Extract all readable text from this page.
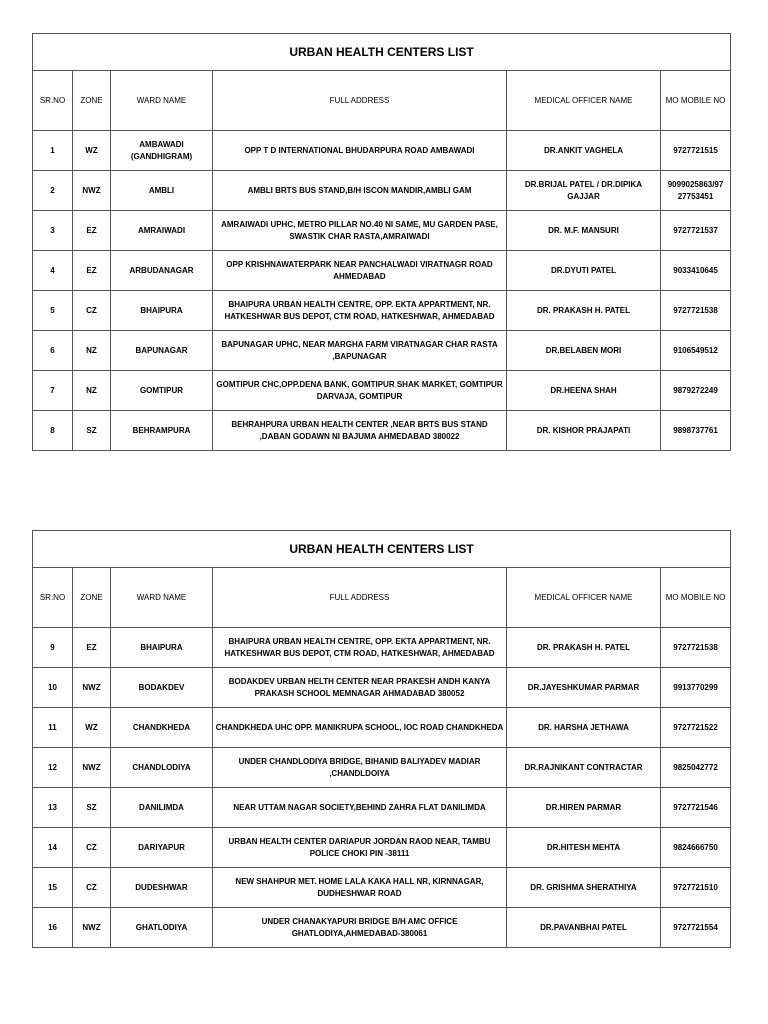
URBAN HEALTH CENTERS LIST					
SR.NO	ZONE	WARD NAME	FULL ADDRESS	MEDICAL OFFICER NAME	MO MOBILE NO
1	WZ	AMBAWADI (GANDHIGRAM)	OPP T D INTERNATIONAL BHUDARPURA ROAD AMBAWADI	DR.ANKIT VAGHELA	9727721515
2	NWZ	AMBLI	AMBLI BRTS BUS STAND,B/H ISCON MANDIR,AMBLI GAM	DR.BRIJAL PATEL / DR.DIPIKA GAJJAR	9099025863/97 27753451
3	EZ	AMRAIWADI	AMRAIWADI UPHC, METRO PILLAR NO.40 NI SAME, MU GARDEN PASE, SWASTIK CHAR RASTA,AMRAIWADI	DR. M.F. MANSURI	9727721537
4	EZ	ARBUDANAGAR	OPP KRISHNAWATERPARK NEAR PANCHALWADI VIRATNAGR ROAD AHMEDABAD	DR.DYUTI PATEL	9033410645
5	CZ	BHAIPURA	BHAIPURA URBAN HEALTH CENTRE, OPP. EKTA APPARTMENT, NR. HATKESHWAR BUS DEPOT, CTM ROAD, HATKESHWAR, AHMEDABAD	DR. PRAKASH H. PATEL	9727721538
6	NZ	BAPUNAGAR	BAPUNAGAR UPHC, NEAR MARGHA FARM VIRATNAGAR CHAR RASTA ,BAPUNAGAR	DR.BELABEN MORI	9106549512
7	NZ	GOMTIPUR	GOMTIPUR CHC,OPP.DENA BANK, GOMTIPUR SHAK MARKET, GOMTIPUR DARVAJA, GOMTIPUR	DR.HEENA SHAH	9879272249
8	SZ	BEHRAMPURA	BEHRAHPURA URBAN HEALTH CENTER ,NEAR BRTS BUS STAND ,DABAN GODAWN NI BAJUMA AHMEDABAD 380022	DR. KISHOR PRAJAPATI	9898737761
URBAN HEALTH CENTERS LIST					
SR.NO	ZONE	WARD NAME	FULL ADDRESS	MEDICAL OFFICER NAME	MO MOBILE NO
9	EZ	BHAIPURA	BHAIPURA URBAN HEALTH CENTRE, OPP. EKTA APPARTMENT, NR. HATKESHWAR BUS DEPOT, CTM ROAD, HATKESHWAR, AHMEDABAD	DR. PRAKASH H. PATEL	9727721538
10	NWZ	BODAKDEV	BODAKDEV URBAN HELTH CENTER NEAR PRAKESH ANDH KANYA PRAKASH SCHOOL MEMNAGAR AHMADABAD 380052	DR.JAYESHKUMAR PARMAR	9913770299
11	WZ	CHANDKHEDA	CHANDKHEDA UHC OPP. MANIKRUPA SCHOOL, IOC ROAD CHANDKHEDA	DR. HARSHA JETHAWA	9727721522
12	NWZ	CHANDLODIYA	UNDER CHANDLODIYA BRIDGE, BIHANID BALIYADEV MADIAR ,CHANDLDOIYA	DR.RAJNIKANT CONTRACTAR	9825042772
13	SZ	DANILIMDA	NEAR UTTAM NAGAR SOCIETY,BEHIND ZAHRA FLAT DANILIMDA	DR.HIREN PARMAR	9727721546
14	CZ	DARIYAPUR	URBAN HEALTH CENTER DARIAPUR JORDAN RAOD NEAR, TAMBU POLICE CHOKI PIN -38111	DR.HITESH MEHTA	9824666750
15	CZ	DUDESHWAR	NEW SHAHPUR MET. HOME LALA KAKA HALL NR, KIRNNAGAR, DUDHESHWAR ROAD	DR. GRISHMA SHERATHIYA	9727721510
16	NWZ	GHATLODIYA	UNDER CHANAKYAPURI BRIDGE B/H AMC OFFICE GHATLODIYA,AHMEDABAD-380061	DR.PAVANBHAI PATEL	9727721554
